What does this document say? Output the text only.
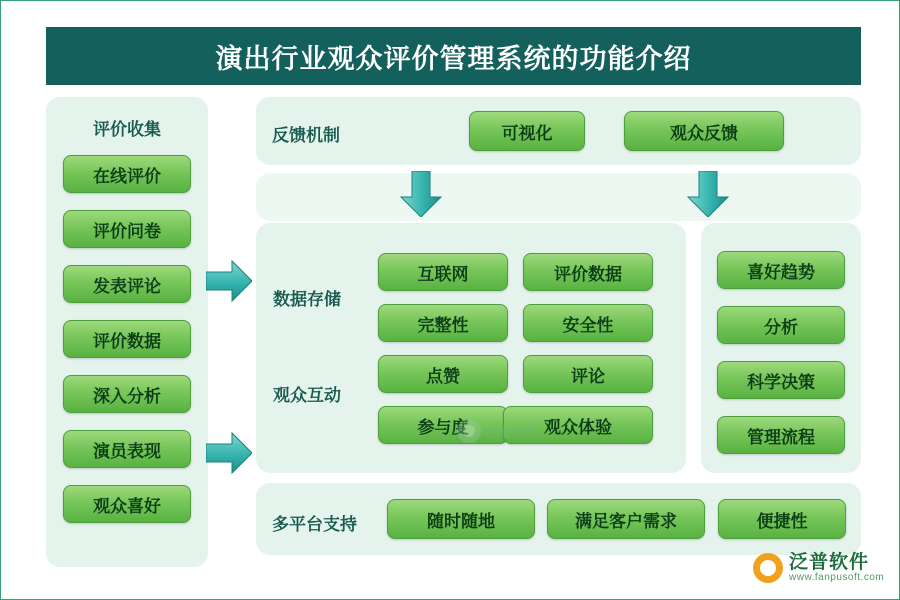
演出行业观众评价管理系统的功能介绍
评价收集
在线评价
评价问卷
发表评论
评价数据
深入分析
演员表现
观众喜好
反馈机制	可视化	观众反馈
数据存储
观众互动
互联网	评价数据
完整性	安全性
点赞	评论
参与度	观众体验
喜好趋势
分析
科学决策
管理流程
多平台支持	随时随地	满足客户需求	便捷性
泛普软件
泛普软件
www.fanpusoft.com
